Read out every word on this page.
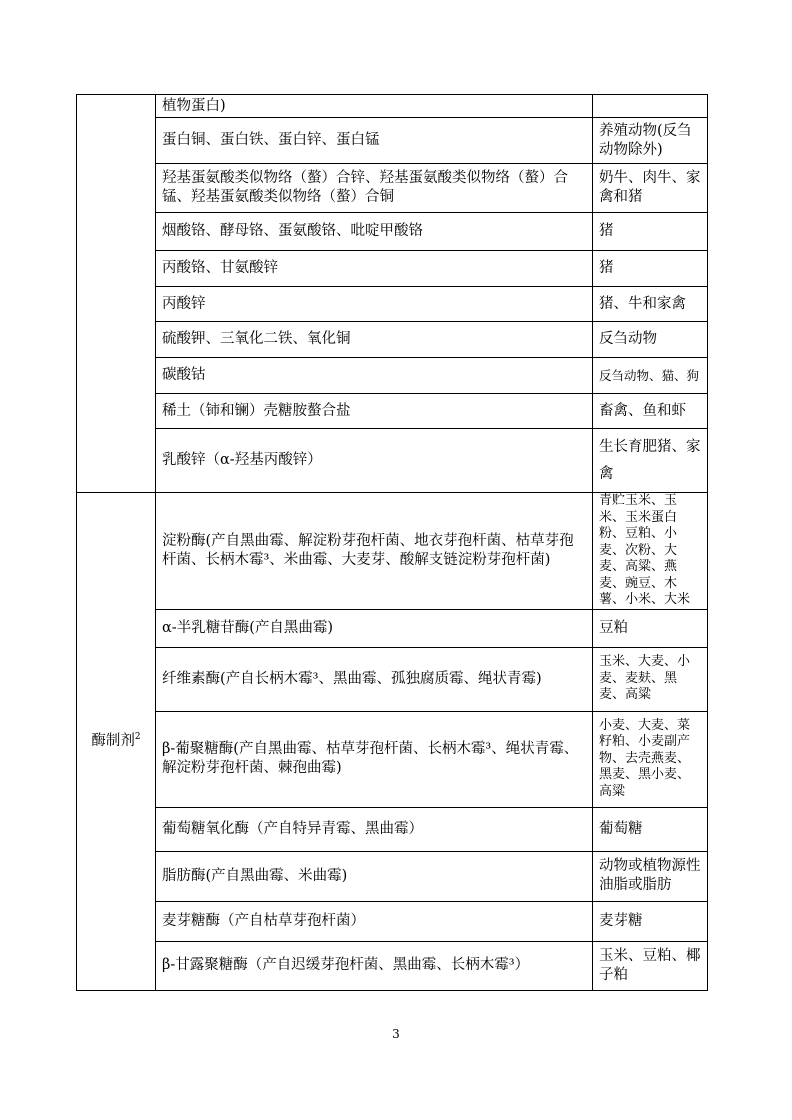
	植物蛋白)	
	蛋白铜、蛋白铁、蛋白锌、蛋白锰	养殖动物(反刍动物除外)
	羟基蛋氨酸类似物络（螯）合锌、羟基蛋氨酸类似物络（螯）合锰、羟基蛋氨酸类似物络（螯）合铜	奶牛、肉牛、家禽和猪
	烟酸铬、酵母铬、蛋氨酸铬、吡啶甲酸铬	猪
	丙酸铬、甘氨酸锌	猪
	丙酸锌	猪、牛和家禽
	硫酸钾、三氧化二铁、氧化铜	反刍动物
	碳酸钴	反刍动物、猫、狗
	稀土（铈和镧）壳糖胺螯合盐	畜禽、鱼和虾
	乳酸锌（α-羟基丙酸锌）	生长育肥猪、家禽
酶制剂$^2$	淀粉酶(产自黑曲霉、解淀粉芽孢杆菌、地衣芽孢杆菌、枯草芽孢杆菌、长柄木霉³、米曲霉、大麦芽、酸解支链淀粉芽孢杆菌)	青贮玉米、玉米、玉米蛋白粉、豆粕、小麦、次粉、大麦、高粱、燕麦、豌豆、木薯、小米、大米
	α-半乳糖苷酶(产自黑曲霉)	豆粕
	纤维素酶(产自长柄木霉³、黑曲霉、孤独腐质霉、绳状青霉)	玉米、大麦、小麦、麦麸、黑麦、高粱
	β-葡聚糖酶(产自黑曲霉、枯草芽孢杆菌、长柄木霉³、绳状青霉、解淀粉芽孢杆菌、棘孢曲霉)	小麦、大麦、菜籽粕、小麦副产物、去壳燕麦、黑麦、黑小麦、高粱
	葡萄糖氧化酶（产自特异青霉、黑曲霉）	葡萄糖
	脂肪酶(产自黑曲霉、米曲霉)	动物或植物源性油脂或脂肪
	麦芽糖酶（产自枯草芽孢杆菌）	麦芽糖
	β-甘露聚糖酶（产自迟缓芽孢杆菌、黑曲霉、长柄木霉³）	玉米、豆粕、椰子粕
3
